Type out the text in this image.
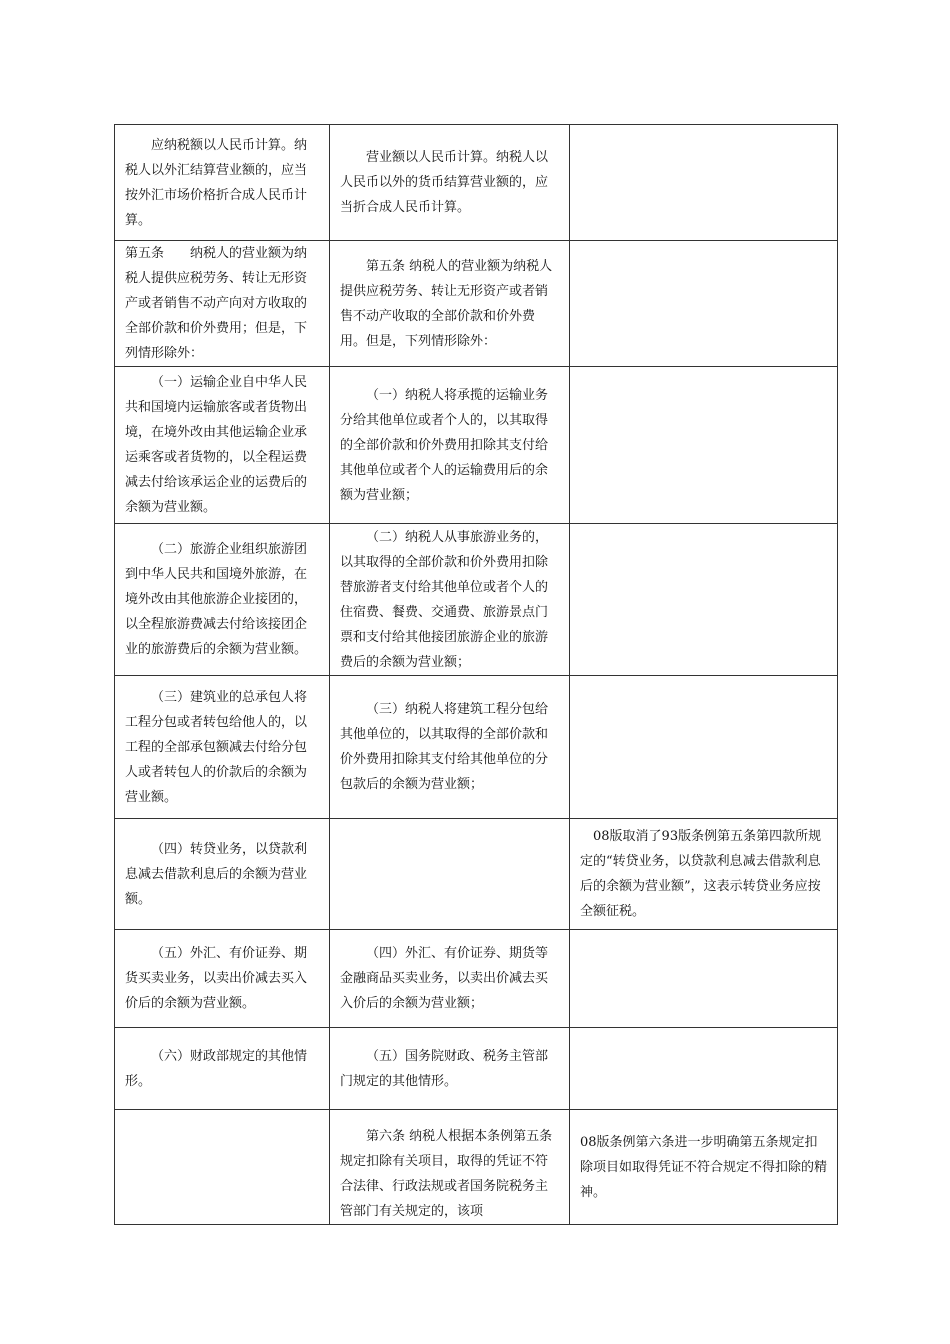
应纳税额以人民币计算。纳税人以外汇结算营业额的，应当按外汇市场价格折合成人民币计算。	营业额以人民币计算。纳税人以人民币以外的货币结算营业额的，应当折合成人民币计算。	
第五条　　纳税人的营业额为纳税人提供应税劳务、转让无形资产或者销售不动产向对方收取的全部价款和价外费用；但是，下列情形除外：	第五条 纳税人的营业额为纳税人提供应税劳务、转让无形资产或者销售不动产收取的全部价款和价外费用。但是，下列情形除外：	
（一）运输企业自中华人民共和国境内运输旅客或者货物出境，在境外改由其他运输企业承运乘客或者货物的，以全程运费减去付给该承运企业的运费后的余额为营业额。	（一）纳税人将承揽的运输业务分给其他单位或者个人的，以其取得的全部价款和价外费用扣除其支付给其他单位或者个人的运输费用后的余额为营业额；	
（二）旅游企业组织旅游团到中华人民共和国境外旅游，在境外改由其他旅游企业接团的，以全程旅游费减去付给该接团企业的旅游费后的余额为营业额。	（二）纳税人从事旅游业务的，以其取得的全部价款和价外费用扣除替旅游者支付给其他单位或者个人的住宿费、餐费、交通费、旅游景点门票和支付给其他接团旅游企业的旅游费后的余额为营业额；	
（三）建筑业的总承包人将工程分包或者转包给他人的，以工程的全部承包额减去付给分包人或者转包人的价款后的余额为营业额。	（三）纳税人将建筑工程分包给其他单位的，以其取得的全部价款和价外费用扣除其支付给其他单位的分包款后的余额为营业额；	
（四）转贷业务，以贷款利息减去借款利息后的余额为营业额。		08版取消了93版条例第五条第四款所规定的“转贷业务，以贷款利息减去借款利息后的余额为营业额”，这表示转贷业务应按全额征税。
（五）外汇、有价证券、期货买卖业务，以卖出价减去买入价后的余额为营业额。	（四）外汇、有价证券、期货等金融商品买卖业务，以卖出价减去买入价后的余额为营业额；	
（六）财政部规定的其他情形。	（五）国务院财政、税务主管部门规定的其他情形。	
	第六条 纳税人根据本条例第五条规定扣除有关项目，取得的凭证不符合法律、行政法规或者国务院税务主管部门有关规定的，该项	08版条例第六条进一步明确第五条规定扣除项目如取得凭证不符合规定不得扣除的精神。
